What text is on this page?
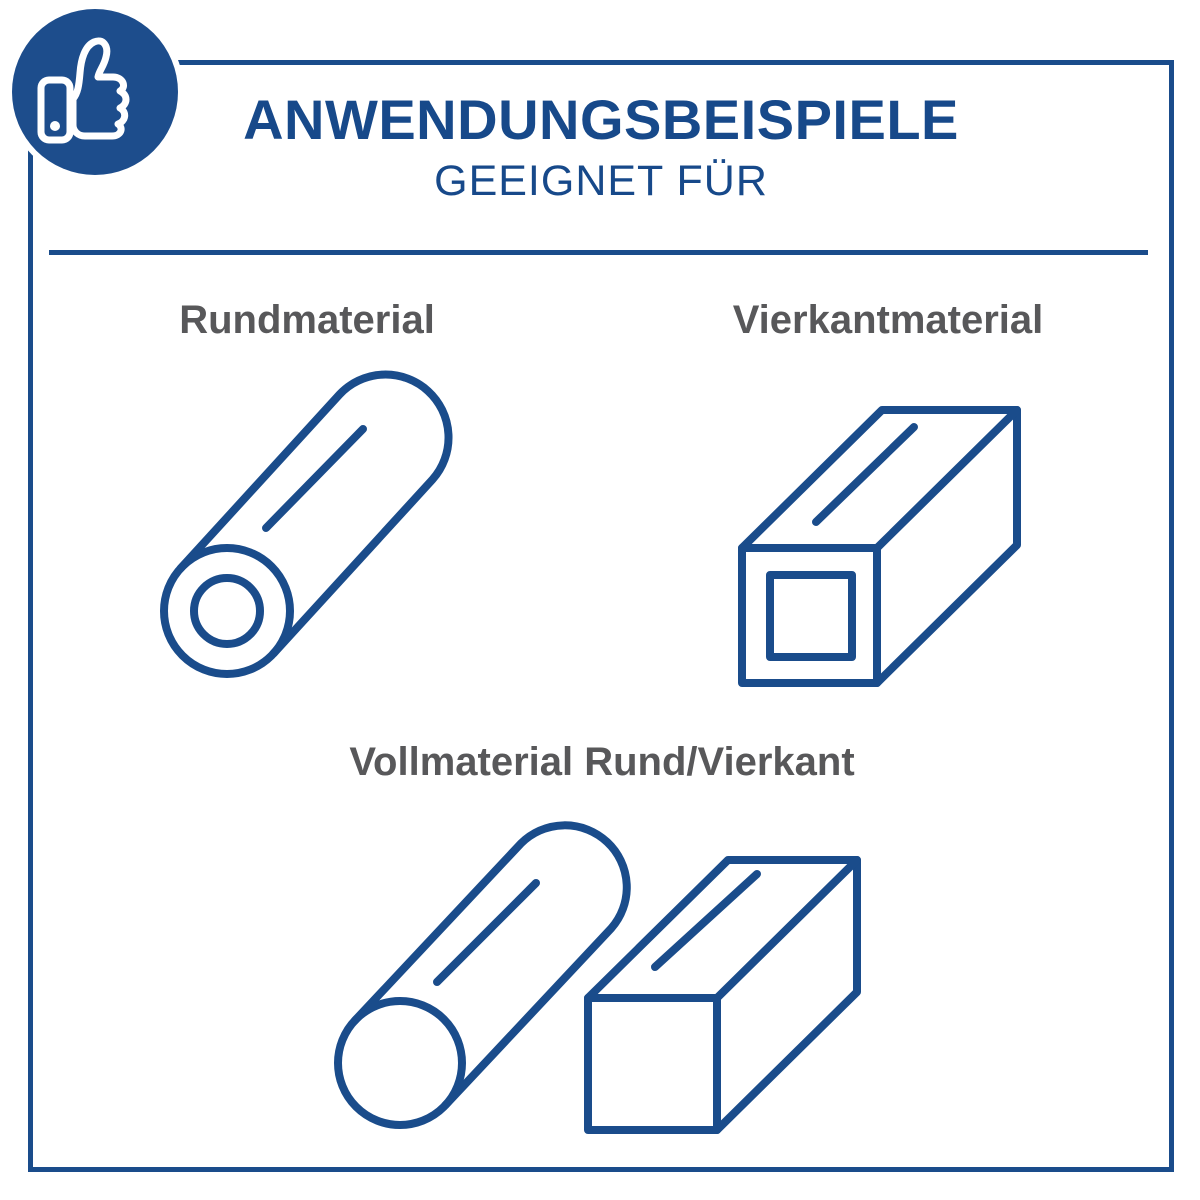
ANWENDUNGSBEISPIELE
GEEIGNET FÜR
Rundmaterial	Vierkantmaterial
Vollmaterial Rund/Vierkant
